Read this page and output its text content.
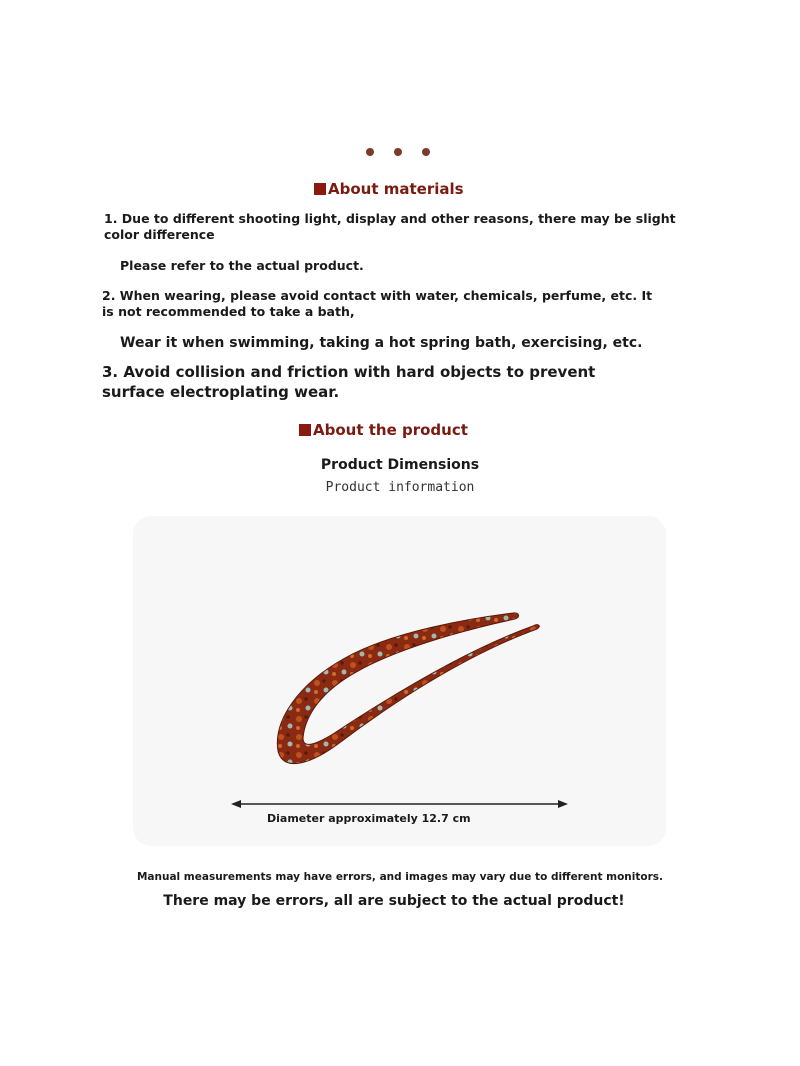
About materials
1. Due to different shooting light, display and other reasons, there may be slight color difference
Please refer to the actual product.
2. When wearing, please avoid contact with water, chemicals, perfume, etc. It is not recommended to take a bath,
Wear it when swimming, taking a hot spring bath, exercising, etc.
3. Avoid collision and friction with hard objects to prevent surface electroplating wear.
About the product
Product Dimensions
Product information
Diameter approximately 12.7 cm
Manual measurements may have errors, and images may vary due to different monitors.
There may be errors, all are subject to the actual product!
